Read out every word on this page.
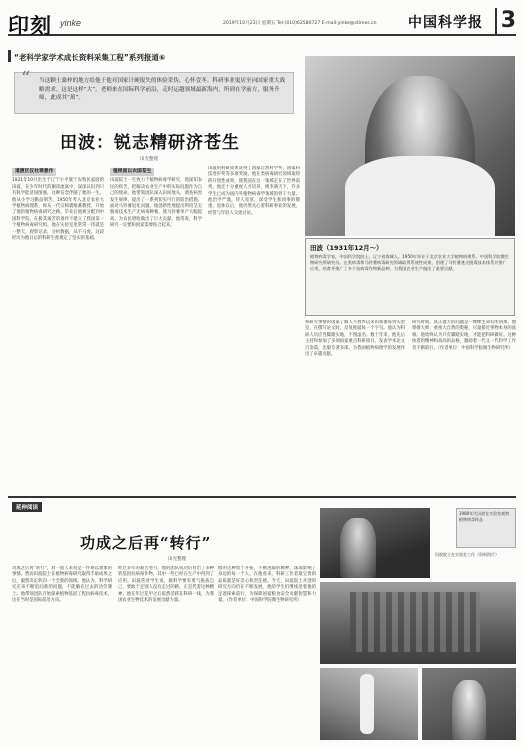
印刻 yinke	2019年10月23日 星期五 Tel:(010)62580727 E-mail:yinke@stimes.cn	中国科学报 3
“老科学家学术成长资料采集工程”系列报道⑥
“ 当这颗士桑梓的地方给他于他对国家计硬报失的体验采伪，心怀壹冬。科研事业嵬居至向国家重大战略需求。这是这样“大”，老师来在国际科学前沿，走时运越领域最新海内，所到在学前方，服务升师，此成其“萬”。
田波：锐志精研济苍生
田光整理
田波（1931年12月～）
植物病毒学家，中国科学院院士。辽宁省海城人。1950年毕业于北京农业大学植物病理系。中国科学院微生物研究所研究员。在类病毒和马铃薯病毒研究领域取得系统性成果，创建了马铃薯茎尖脱毒技术体系并推广应用，培育并推广了多个抗病毒作物新品种，为我国农业生产做出了重要贡献。
道渡区仪社课意作
1931年10月出生于辽宁小平康宁农牧民家庭的田波，在少年时代的颠沛流离中，深深认识到只有科学能济国图强，这种信念伴随了他的一生。他从小学习勤奋刻苦，1950年考入北京农业大学植物病理系，师从一代宗师裘维蕃教授，开始了他的植物病毒研究之路。毕业后他被分配到中国科学院，在极其艰苦的条件下建立了我国第一个植物病毒研究组。他在实验室里常常一待就是一整天，观察记录，分析数据，从不马虎。这段经历为他日后的科研生涯奠定了坚实的基础。
植根面以农国苍生
田波院士一生致力于植物病毒学研究，他深知农民的疾苦，把解决农业生产中的实际问题作为自己的使命。他带领团队深入田间地头，调查病害发生规律，提出了一系列切实可行的防治措施。面对马铃薯退化问题，他创新性地提出利用茎尖脱毒技术生产无病毒种薯，使马铃薯单产大幅提高，为农民增收做出了巨大贡献。他常说，科学研究一定要和国家需要结合起来。
田波的科研成果获得了国家自然科学奖、国家科技进步奖等多项奖励。他在类病毒研究领域取得的开创性成果，使我国在这一领域走在了世界前列。他还十分重视人才培养，桃李满天下，许多学生已成为国内外植物病毒学领域的骨干力量。他治学严谨，待人宽厚，深受学生和同事的敬重。退休以后，他仍然关心着科研事业的发展，经常与年轻人交流讨论。
和研究事情的国家了解人不放弃以来的那番每到实验室，在撰写论文时，反复推敲每一个字句。他认为科研人员应当脚踏实地，不图虚名。数十年来，他先后主持和参加了多项国家重点科研项目，发表学术论文百余篇，出版专著多部，为我国植物病理学的发展作出了卓越贡献。
研究时期，真正寰大的问题是一棵棵生命有所胡须。他尊敬大师，重视大自然的奥秘，尽量接近事物本身的真相。他始终认为只有脚踏实地，才能把科研做好。这种执着的精神和高尚的品格，激励着一代又一代科学工作者不断前行。（作者单位：中国科学院微生物研究所）
延伸阅读
功成之后再“转行”
田光整理
功成之后再“转行”，对一般人来说是一件难以想象的事情。然而田波院士在植物病毒研究取得丰硕成果之后，毅然决定转向一个全新的领域。他认为，科学研究应该不断追问新的问题，不能躺在过去的功劳簿上。他带领团队开始探索植物基因工程抗病毒技术，这在当时是国际前沿方向。
经过多年的艰苦努力，他的团队成功培育出了多种转基因抗病毒作物，其中一些已经在生产中得到了应用。田波常对学生说，搞科学要有勇气挑战自己，要敢于走别人没有走过的路。正是凭着这种精神，他在年过花甲之后依然活跃在科研一线，为我国农业生物技术的发展贡献力量。
他的这种勇于开拓、不断进取的精神，深深影响了身边的每一个人。在他看来，科研工作者最宝贵的品质就是好奇心和责任感。今天，田波院士开创的研究方向仍在不断发展，他的学生们继续沿着他的足迹探索前行，为保障国家粮食安全贡献智慧和力量。（作者单位：中国科学院微生物研究所）
1980年代田波在实验室观察植物病毒样品
田波院士在实验室工作（资料图片）
